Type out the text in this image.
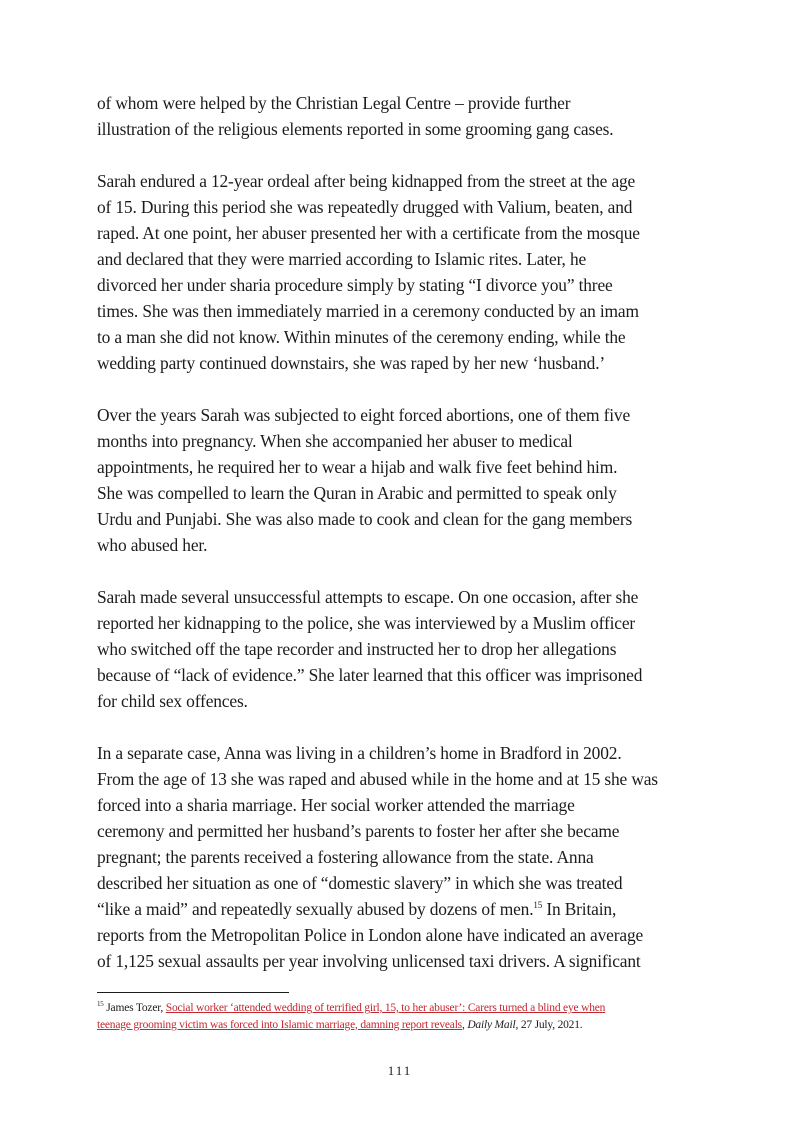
of whom were helped by the Christian Legal Centre – provide further
illustration of the religious elements reported in some grooming gang cases.

Sarah endured a 12-year ordeal after being kidnapped from the street at the age
of 15. During this period she was repeatedly drugged with Valium, beaten, and
raped. At one point, her abuser presented her with a certificate from the mosque
and declared that they were married according to Islamic rites. Later, he
divorced her under sharia procedure simply by stating “I divorce you” three
times. She was then immediately married in a ceremony conducted by an imam
to a man she did not know. Within minutes of the ceremony ending, while the
wedding party continued downstairs, she was raped by her new ‘husband.’

Over the years Sarah was subjected to eight forced abortions, one of them five
months into pregnancy. When she accompanied her abuser to medical
appointments, he required her to wear a hijab and walk five feet behind him.
She was compelled to learn the Quran in Arabic and permitted to speak only
Urdu and Punjabi. She was also made to cook and clean for the gang members
who abused her.

Sarah made several unsuccessful attempts to escape. On one occasion, after she
reported her kidnapping to the police, she was interviewed by a Muslim officer
who switched off the tape recorder and instructed her to drop her allegations
because of “lack of evidence.” She later learned that this officer was imprisoned
for child sex offences.

In a separate case, Anna was living in a children’s home in Bradford in 2002.
From the age of 13 she was raped and abused while in the home and at 15 she was
forced into a sharia marriage. Her social worker attended the marriage
ceremony and permitted her husband’s parents to foster her after she became
pregnant; the parents received a fostering allowance from the state. Anna
described her situation as one of “domestic slavery” in which she was treated
“like a maid” and repeatedly sexually abused by dozens of men.$^{15}$ In Britain,
reports from the Metropolitan Police in London alone have indicated an average
of 1,125 sexual assaults per year involving unlicensed taxi drivers. A significant

$^{15}$ James Tozer, Social worker ‘attended wedding of terrified girl, 15, to her abuser’: Carers turned a blind eye when
teenage grooming victim was forced into Islamic marriage, damning report reveals, Daily Mail, 27 July, 2021.
111
